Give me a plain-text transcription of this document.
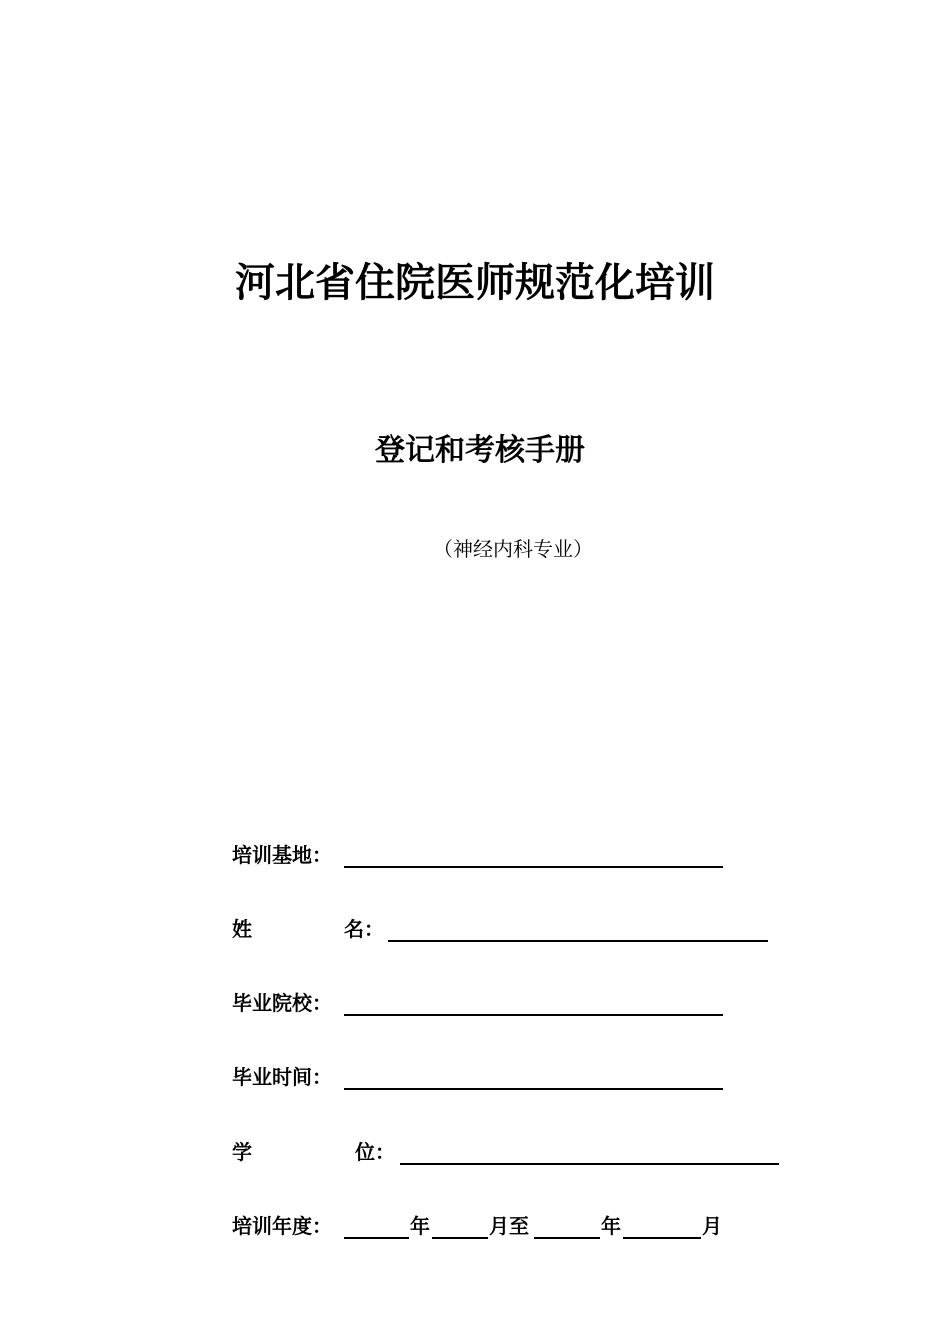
河北省住院医师规范化培训
登记和考核手册
（神经内科专业）
培训基地：
姓	名：
毕业院校：
毕业时间：
学	位：
培训年度：	年	月至	年	月
